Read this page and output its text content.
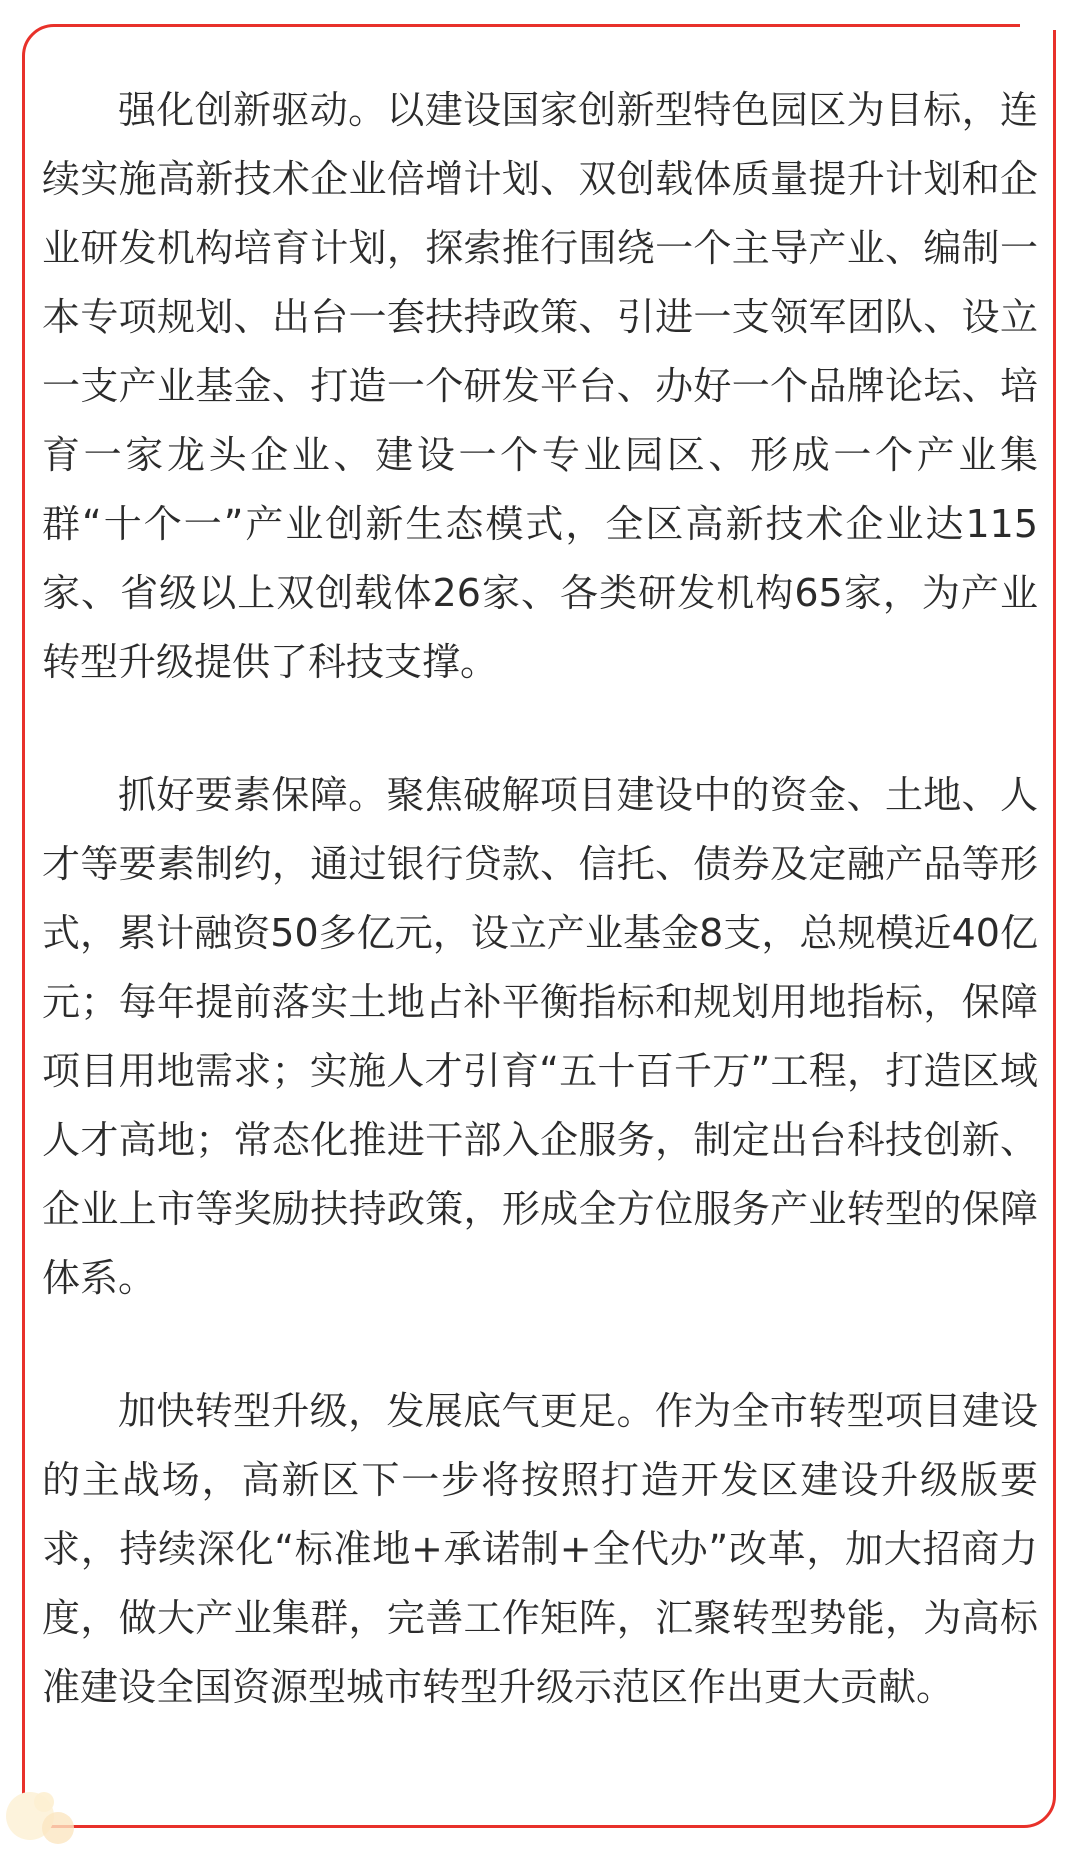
强化创新驱动。以建设国家创新型特色园区为目标，连续实施高新技术企业倍增计划、双创载体质量提升计划和企业研发机构培育计划，探索推行围绕一个主导产业、编制一本专项规划、出台一套扶持政策、引进一支领军团队、设立一支产业基金、打造一个研发平台、办好一个品牌论坛、培育一家龙头企业、建设一个专业园区、形成一个产业集群“十个一”产业创新生态模式，全区高新技术企业达115家、省级以上双创载体26家、各类研发机构65家，为产业转型升级提供了科技支撑。

抓好要素保障。聚焦破解项目建设中的资金、土地、人才等要素制约，通过银行贷款、信托、债券及定融产品等形式，累计融资50多亿元，设立产业基金8支，总规模近40亿元；每年提前落实土地占补平衡指标和规划用地指标，保障项目用地需求；实施人才引育“五十百千万”工程，打造区域人才高地；常态化推进干部入企服务，制定出台科技创新、企业上市等奖励扶持政策，形成全方位服务产业转型的保障体系。

加快转型升级，发展底气更足。作为全市转型项目建设的主战场，高新区下一步将按照打造开发区建设升级版要求，持续深化“标准地+承诺制+全代办”改革，加大招商力度，做大产业集群，完善工作矩阵，汇聚转型势能，为高标准建设全国资源型城市转型升级示范区作出更大贡献。
